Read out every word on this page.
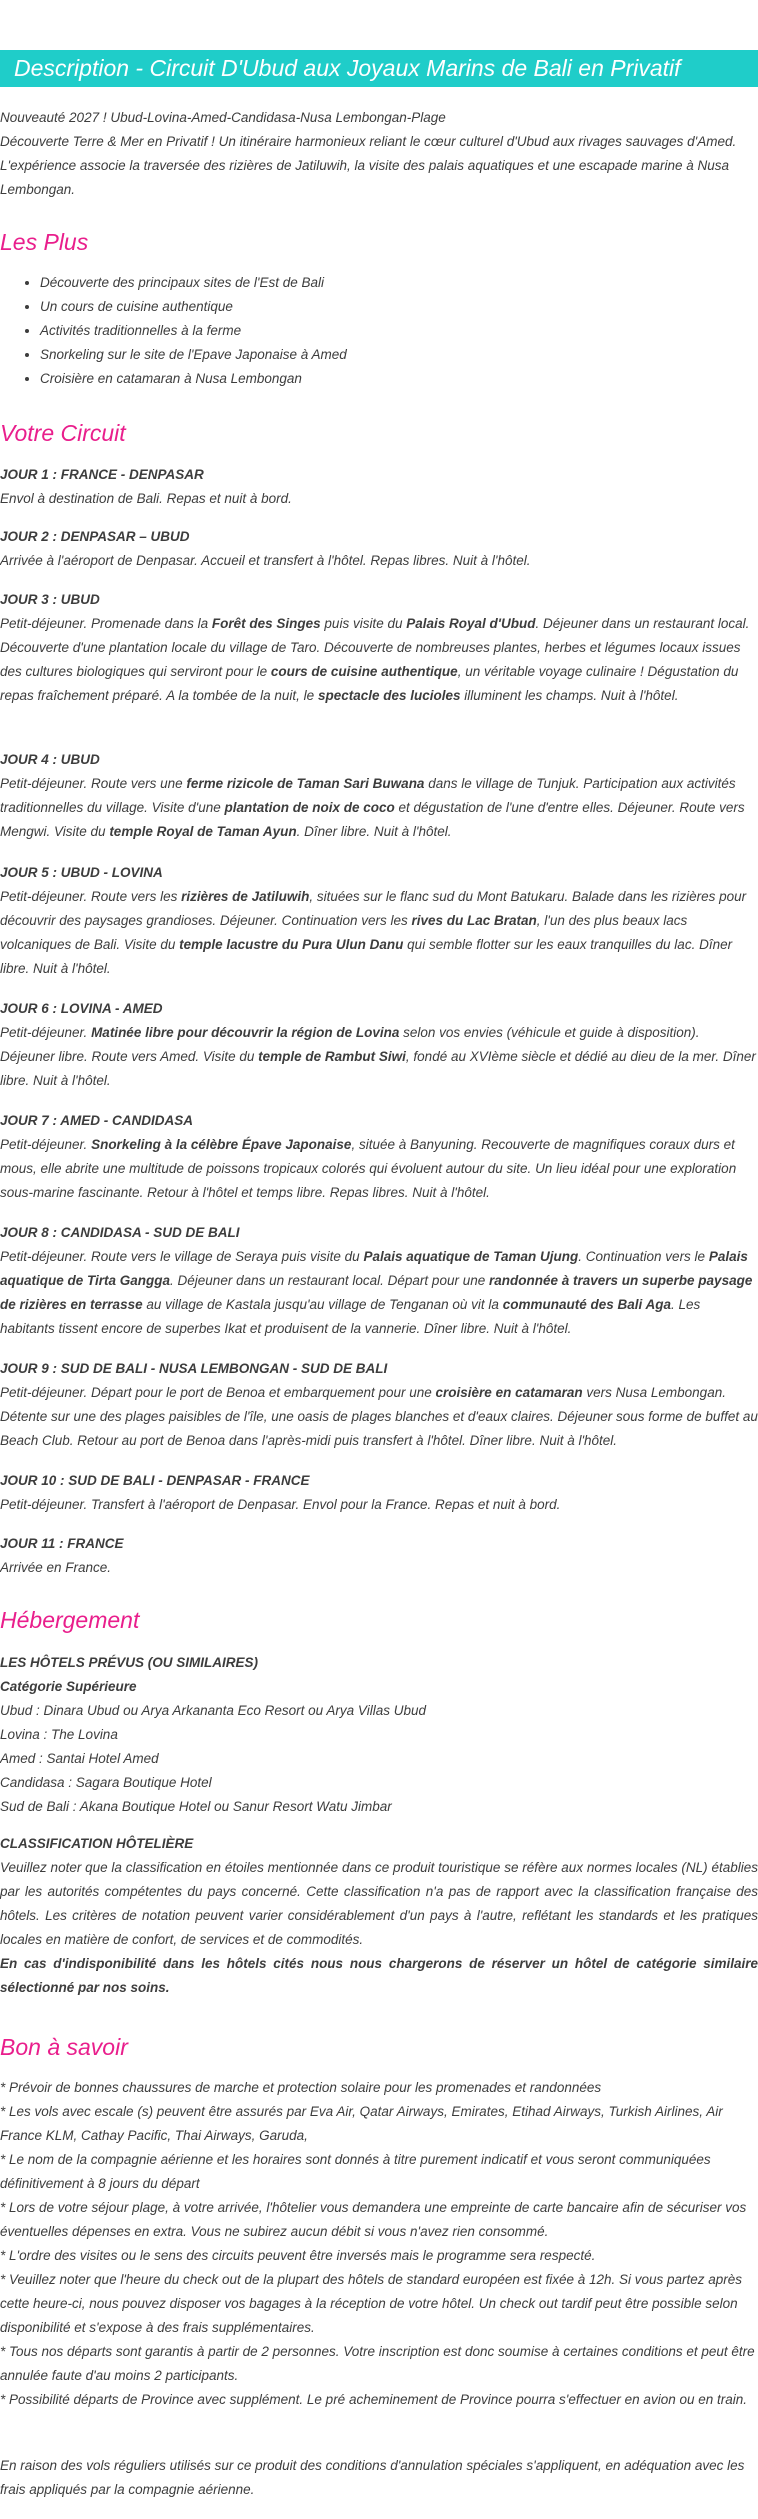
Description - Circuit D'Ubud aux Joyaux Marins de Bali en Privatif

Nouveauté 2027 ! Ubud-Lovina-Amed-Candidasa-Nusa Lembongan-Plage

Découverte Terre & Mer en Privatif ! Un itinéraire harmonieux reliant le cœur culturel d'Ubud aux rivages sauvages d'Amed. L'expérience associe la traversée des rizières de Jatiluwih, la visite des palais aquatiques et une escapade marine à Nusa Lembongan.

Les Plus
• Découverte des principaux sites de l'Est de Bali
• Un cours de cuisine authentique
• Activités traditionnelles à la ferme
• Snorkeling sur le site de l'Epave Japonaise à Amed
• Croisière en catamaran à Nusa Lembongan
Votre Circuit

JOUR 1 : FRANCE - DENPASAR

Envol à destination de Bali. Repas et nuit à bord.

JOUR 2 : DENPASAR – UBUD

Arrivée à l'aéroport de Denpasar. Accueil et transfert à l'hôtel. Repas libres. Nuit à l'hôtel.

JOUR 3 : UBUD

Petit-déjeuner. Promenade dans la Forêt des Singes puis visite du Palais Royal d'Ubud. Déjeuner dans un restaurant local. Découverte d'une plantation locale du village de Taro. Découverte de nombreuses plantes, herbes et légumes locaux issues des cultures biologiques qui serviront pour le cours de cuisine authentique, un véritable voyage culinaire ! Dégustation du repas fraîchement préparé. A la tombée de la nuit, le spectacle des lucioles illuminent les champs. Nuit à l'hôtel.

JOUR 4 : UBUD

Petit-déjeuner. Route vers une ferme rizicole de Taman Sari Buwana dans le village de Tunjuk. Participation aux activités traditionnelles du village. Visite d'une plantation de noix de coco et dégustation de l'une d'entre elles. Déjeuner. Route vers Mengwi. Visite du temple Royal de Taman Ayun. Dîner libre. Nuit à l'hôtel.

JOUR 5 : UBUD - LOVINA

Petit-déjeuner. Route vers les rizières de Jatiluwih, situées sur le flanc sud du Mont Batukaru. Balade dans les rizières pour découvrir des paysages grandioses. Déjeuner. Continuation vers les rives du Lac Bratan, l'un des plus beaux lacs volcaniques de Bali. Visite du temple lacustre du Pura Ulun Danu qui semble flotter sur les eaux tranquilles du lac. Dîner libre. Nuit à l'hôtel.

JOUR 6 : LOVINA - AMED

Petit-déjeuner. Matinée libre pour découvrir la région de Lovina selon vos envies (véhicule et guide à disposition). Déjeuner libre. Route vers Amed. Visite du temple de Rambut Siwi, fondé au XVIème siècle et dédié au dieu de la mer. Dîner libre. Nuit à l'hôtel.

JOUR 7 : AMED - CANDIDASA

Petit-déjeuner. Snorkeling à la célèbre Épave Japonaise, située à Banyuning. Recouverte de magnifiques coraux durs et mous, elle abrite une multitude de poissons tropicaux colorés qui évoluent autour du site. Un lieu idéal pour une exploration sous-marine fascinante. Retour à l'hôtel et temps libre. Repas libres. Nuit à l'hôtel.

JOUR 8 : CANDIDASA - SUD DE BALI

Petit-déjeuner. Route vers le village de Seraya puis visite du Palais aquatique de Taman Ujung. Continuation vers le Palais aquatique de Tirta Gangga. Déjeuner dans un restaurant local. Départ pour une randonnée à travers un superbe paysage de rizières en terrasse au village de Kastala jusqu'au village de Tenganan où vit la communauté des Bali Aga. Les habitants tissent encore de superbes Ikat et produisent de la vannerie. Dîner libre. Nuit à l'hôtel.

JOUR 9 : SUD DE BALI - NUSA LEMBONGAN - SUD DE BALI

Petit-déjeuner. Départ pour le port de Benoa et embarquement pour une croisière en catamaran vers Nusa Lembongan. Détente sur une des plages paisibles de l'île, une oasis de plages blanches et d'eaux claires. Déjeuner sous forme de buffet au Beach Club. Retour au port de Benoa dans l'après-midi puis transfert à l'hôtel. Dîner libre. Nuit à l'hôtel.

JOUR 10 : SUD DE BALI - DENPASAR - FRANCE

Petit-déjeuner. Transfert à l'aéroport de Denpasar. Envol pour la France. Repas et nuit à bord.

JOUR 11 : FRANCE

Arrivée en France.

Hébergement

LES HÔTELS PRÉVUS (OU SIMILAIRES)

Catégorie Supérieure

Ubud : Dinara Ubud ou Arya Arkananta Eco Resort ou Arya Villas Ubud

Lovina : The Lovina

Amed : Santai Hotel Amed

Candidasa : Sagara Boutique Hotel

Sud de Bali : Akana Boutique Hotel ou Sanur Resort Watu Jimbar

CLASSIFICATION HÔTELIÈRE

Veuillez noter que la classification en étoiles mentionnée dans ce produit touristique se réfère aux normes locales (NL) établies par les autorités compétentes du pays concerné. Cette classification n'a pas de rapport avec la classification française des hôtels. Les critères de notation peuvent varier considérablement d'un pays à l'autre, reflétant les standards et les pratiques locales en matière de confort, de services et de commodités.

En cas d'indisponibilité dans les hôtels cités nous nous chargerons de réserver un hôtel de catégorie similaire sélectionné par nos soins.

Bon à savoir

* Prévoir de bonnes chaussures de marche et protection solaire pour les promenades et randonnées

* Les vols avec escale (s) peuvent être assurés par Eva Air, Qatar Airways, Emirates, Etihad Airways, Turkish Airlines, Air France KLM, Cathay Pacific, Thai Airways, Garuda,

* Le nom de la compagnie aérienne et les horaires sont donnés à titre purement indicatif et vous seront communiquées définitivement à 8 jours du départ

* Lors de votre séjour plage, à votre arrivée, l'hôtelier vous demandera une empreinte de carte bancaire afin de sécuriser vos éventuelles dépenses en extra. Vous ne subirez aucun débit si vous n'avez rien consommé.

* L'ordre des visites ou le sens des circuits peuvent être inversés mais le programme sera respecté.

* Veuillez noter que l'heure du check out de la plupart des hôtels de standard européen est fixée à 12h. Si vous partez après cette heure-ci, nous pouvez disposer vos bagages à la réception de votre hôtel. Un check out tardif peut être possible selon disponibilité et s'expose à des frais supplémentaires.

* Tous nos départs sont garantis à partir de 2 personnes. Votre inscription est donc soumise à certaines conditions et peut être annulée faute d'au moins 2 participants.

* Possibilité départs de Province avec supplément. Le pré acheminement de Province pourra s'effectuer en avion ou en train.

En raison des vols réguliers utilisés sur ce produit des conditions d'annulation spéciales s'appliquent, en adéquation avec les frais appliqués par la compagnie aérienne.
